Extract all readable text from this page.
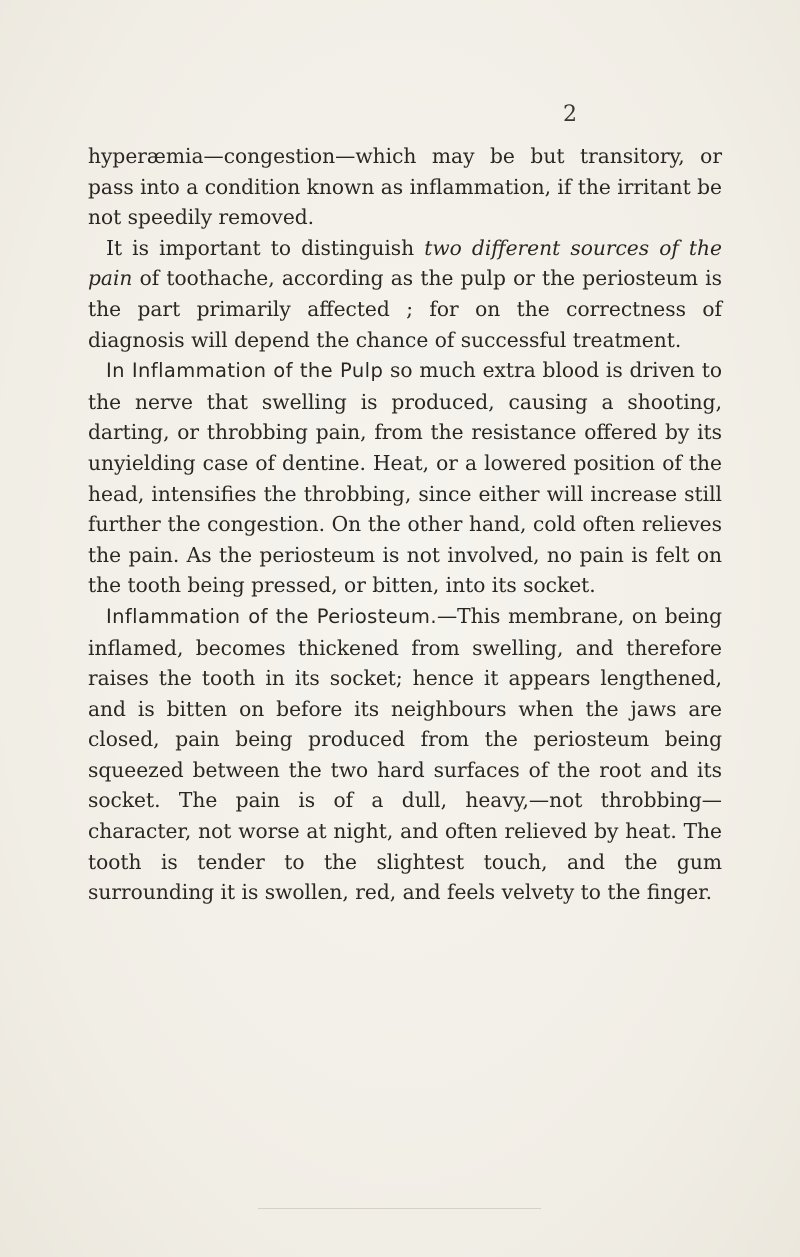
2

hyperæmia—congestion—which may be but transitory, or pass into a condition known as inflammation, if the irritant be not speedily removed.

It is important to distinguish two different sources of the pain of toothache, according as the pulp or the periosteum is the part primarily affected ; for on the correctness of diagnosis will depend the chance of successful treatment.

In Inflammation of the Pulp so much extra blood is driven to the nerve that swelling is produced, causing a shooting, darting, or throbbing pain, from the resistance offered by its unyielding case of dentine. Heat, or a lowered position of the head, intensifies the throbbing, since either will increase still further the congestion. On the other hand, cold often relieves the pain. As the periosteum is not involved, no pain is felt on the tooth being pressed, or bitten, into its socket.

Inflammation of the Periosteum.—This membrane, on being inflamed, becomes thickened from swelling, and therefore raises the tooth in its socket; hence it appears lengthened, and is bitten on before its neighbours when the jaws are closed, pain being produced from the periosteum being squeezed between the two hard surfaces of the root and its socket. The pain is of a dull, heavy,—not throbbing—character, not worse at night, and often relieved by heat. The tooth is tender to the slightest touch, and the gum surrounding it is swollen, red, and feels velvety to the finger.
